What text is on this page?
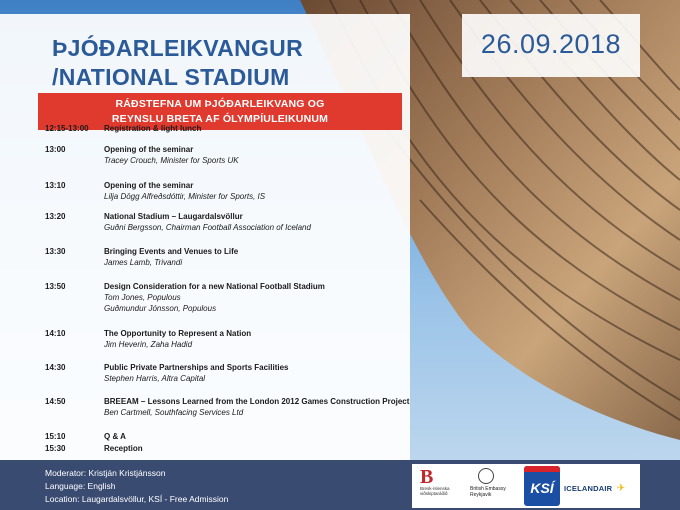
ÞJÓÐARLEIKVANGUR
/NATIONAL STADIUM
RÁÐSTEFNA UM ÞJÓÐARLEIKVANG OG
REYNSLU BRETA AF ÓLYMPÍULEIKUNUM
12:15-13:00 Registration & light lunch
13:00	Opening of the seminar
Tracey Crouch, Minister for Sports UK
13:10	Opening of the seminar
Lilja Dögg Alfreðsdóttir, Minister for Sports, IS
13:20	National Stadium – Laugardalsvöllur
Guðni Bergsson, Chairman Football Association of Iceland
13:30	Bringing Events and Venues to Life
James Lamb, Trivandi
13:50	Design Consideration for a new National Football Stadium
Tom Jones, Populous
Guðmundur Jónsson, Populous
14:10	The Opportunity to Represent a Nation
Jim Heverin, Zaha Hadid
14:30	Public Private Partnerships and Sports Facilities
Stephen Harris, Altra Capital
14:50	BREEAM – Lessons Learned from the London 2012 Games Construction Project
Ben Cartmell, Southfacing Services Ltd
15:10	Q & A
15:30	Reception
26.09.2018
Moderator: Kristján Kristjánsson
Language: English
Location: Laugardalsvöllur, KSÍ - Free Admission
B
Bresk-íslenska
viðskiptaráðið
British Embassy
Reykjavik	KSÍ	ICELANDAIR ✈
